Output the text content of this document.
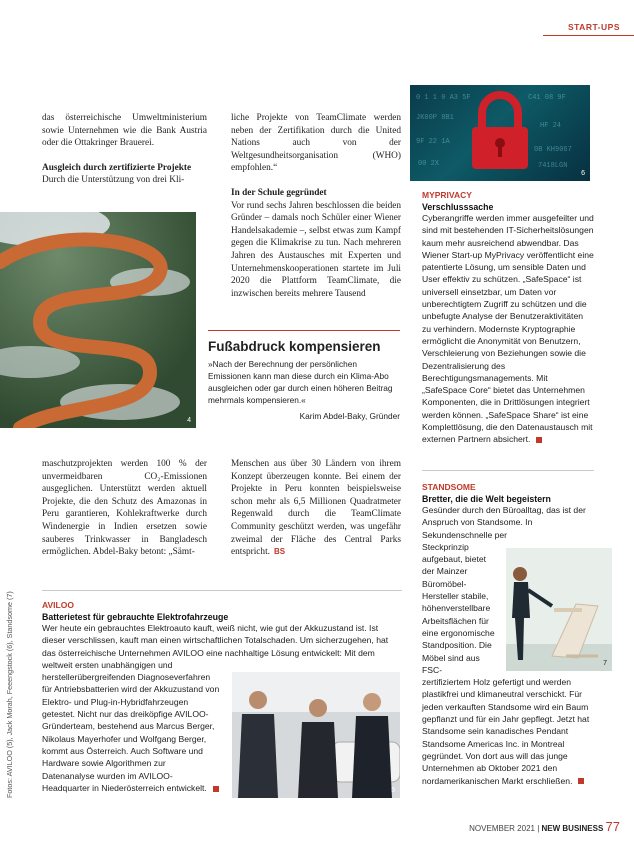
START-UPS
0 1 1 0 A3 5F	C41 08 9F
JK00P 8B1
HF 24
9F 22 1A
0B KH9067
00 2X	7418LGN
6

das österreichische Umweltministerium sowie Unternehmen wie die Bank Austria oder die Ottakringer Brauerei.

Ausgleich durch zertifizierte Projekte

Durch die Unterstützung von drei Kli-

liche Projekte von TeamClimate werden neben der Zertifikation durch die United Nations auch von der Weltgesundheitsorganisation (WHO) empfohlen.“

In der Schule gegründet

Vor rund sechs Jahren beschlossen die beiden Gründer – damals noch Schüler einer Wiener Handelsakademie –, selbst etwas zum Kampf gegen die Klimakrise zu tun. Nach mehreren Jahren des Austausches mit Experten und Unternehmenskooperationen startete im Juli 2020 die Plattform TeamClimate, die inzwischen bereits mehrere Tausend

4
Fußabdruck kompensieren
»Nach der Berechnung der persönlichen Emissionen kann man diese durch ein Klima-Abo ausgleichen oder gar durch einen höheren Beitrag mehrmals kompensieren.«
Karim Abdel-Baky, Gründer

maschutzprojekten werden 100 % der unvermeidbaren CO₂-Emissionen ausgeglichen. Unterstützt werden aktuell Projekte, die den Schutz des Amazonas in Peru garantieren, Kohlekraftwerke durch Windenergie in Indien ersetzen sowie sauberes Trinkwasser in Bangladesch ermöglichen. Abdel-Baky betont: „Sämt-

Menschen aus über 30 Ländern von ihrem Konzept überzeugen konnte. Bei einem der Projekte in Peru konnten beispielsweise schon mehr als 6,5 Millionen Quadratmeter Regenwald durch die TeamClimate Community geschützt werden, was ungefähr zweimal der Fläche des Central Parks entspricht. BS

MYPRIVACY
Verschlusssache

Cyberangriffe werden immer ausgefeilter und sind mit bestehenden IT-Sicherheitslösungen kaum mehr ausreichend abwendbar. Das Wiener Start-up MyPrivacy veröffentlicht eine patentierte Lösung, um sensible Daten und User effektiv zu schützen. „SafeSpace“ ist universell einsetzbar, um Daten vor unberechtigtem Zugriff zu schützen und die unbefugte Analyse der Benutzeraktivitäten zu verhindern. Modernste Kryptographie ermöglicht die Anonymität von Benutzern, Verschleierung von Beziehungen sowie die Dezentralisierung des Berechtigungsmanagements. Mit „SafeSpace Core“ bietet das Unternehmen Komponenten, die in Drittlösungen integriert werden können. „SafeSpace Share“ ist eine Komplettlösung, die den Datenaustausch mit externen Partnern absichert.

STANDSOME
Bretter, die die Welt begeistern
Gesünder durch den Büroalltag, das ist der Anspruch von Standsome. In Sekundenschnelle per
Steckprinzip aufgebaut, bietet der Mainzer Büromöbel-Hersteller stabile, höhenverstellbare Arbeitsflächen für eine ergonomische Standposition. Die Möbel sind aus FSC-

zertifiziertem Holz gefertigt und werden plastikfrei und klimaneutral verschickt. Für jeden verkauften Standsome wird ein Baum gepflanzt und für ein Jahr gepflegt. Jetzt hat Standsome sein kanadisches Pendant Standsome Americas Inc. in Montreal gegründet. Von dort aus will das junge Unternehmen ab Oktober 2021 den nordamerikanischen Markt erschließen.

7
AVILOO
Batterietest für gebrauchte Elektrofahrzeuge
Wer heute ein gebrauchtes Elektroauto kauft, weiß nicht, wie gut der Akkuzustand ist. Ist dieser verschlissen, kauft man einen wirtschaftlichen Totalschaden. Um sicherzugehen, hat das österreichische Unternehmen AVILOO eine nachhaltige Lösung entwickelt: Mit dem

weltweit ersten unabhängigen und herstellerübergreifenden Diagnoseverfahren für Antriebsbatterien wird der Akkuzustand von Elektro- und Plug-in-Hybridfahrzeugen getestet. Nicht nur das dreiköpfige AVILOO-Gründerteam, bestehend aus Marcus Berger, Nikolaus Mayerhofer und Wolfgang Berger, kommt aus Österreich. Auch Software und Hardware sowie Algorithmen zur Datenanalyse wurden im AVILOO-Headquarter in Niederösterreich entwickelt.	5
Fotos: AVILOO (5), Jack Morah, Feeengstock (6), Standsome (7)
NOVEMBER 2021 | NEW BUSINESS 77
